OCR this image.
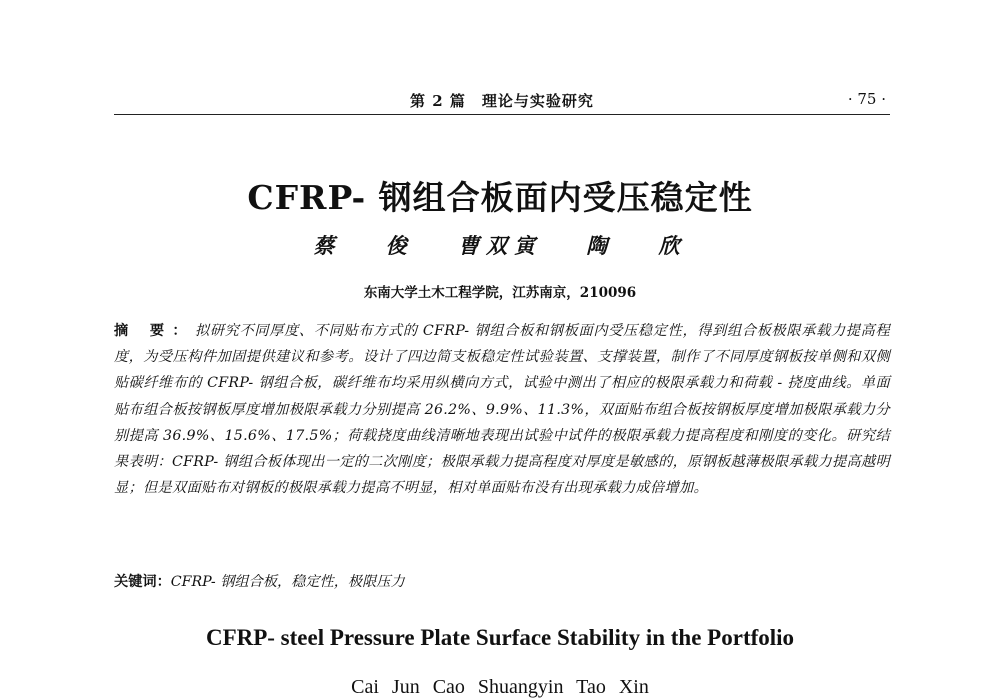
第 2 篇　理论与实验研究	· 75 ·
CFRP- 钢组合板面内受压稳定性
蔡 俊 曹双寅 陶 欣
东南大学土木工程学院，江苏南京，210096

摘 要：拟研究不同厚度、不同贴布方式的 CFRP- 钢组合板和钢板面内受压稳定性，得到组合板极限承载力提高程度，为受压构件加固提供建议和参考。设计了四边简支板稳定性试验装置、支撑装置，制作了不同厚度钢板按单侧和双侧贴碳纤维布的 CFRP- 钢组合板，碳纤维布均采用纵横向方式，试验中测出了相应的极限承载力和荷载 - 挠度曲线。单面贴布组合板按钢板厚度增加极限承载力分别提高 26.2%、9.9%、11.3%，双面贴布组合板按钢板厚度增加极限承载力分别提高 36.9%、15.6%、17.5%；荷载挠度曲线清晰地表现出试验中试件的极限承载力提高程度和刚度的变化。研究结果表明：CFRP- 钢组合板体现出一定的二次刚度；极限承载力提高程度对厚度是敏感的，原钢板越薄极限承载力提高越明显；但是双面贴布对钢板的极限承载力提高不明显，相对单面贴布没有出现承载力成倍增加。

关键词：CFRP- 钢组合板，稳定性，极限压力

CFRP- steel Pressure Plate Surface Stability in the Portfolio
Cai Jun Cao Shuangyin Tao Xin
